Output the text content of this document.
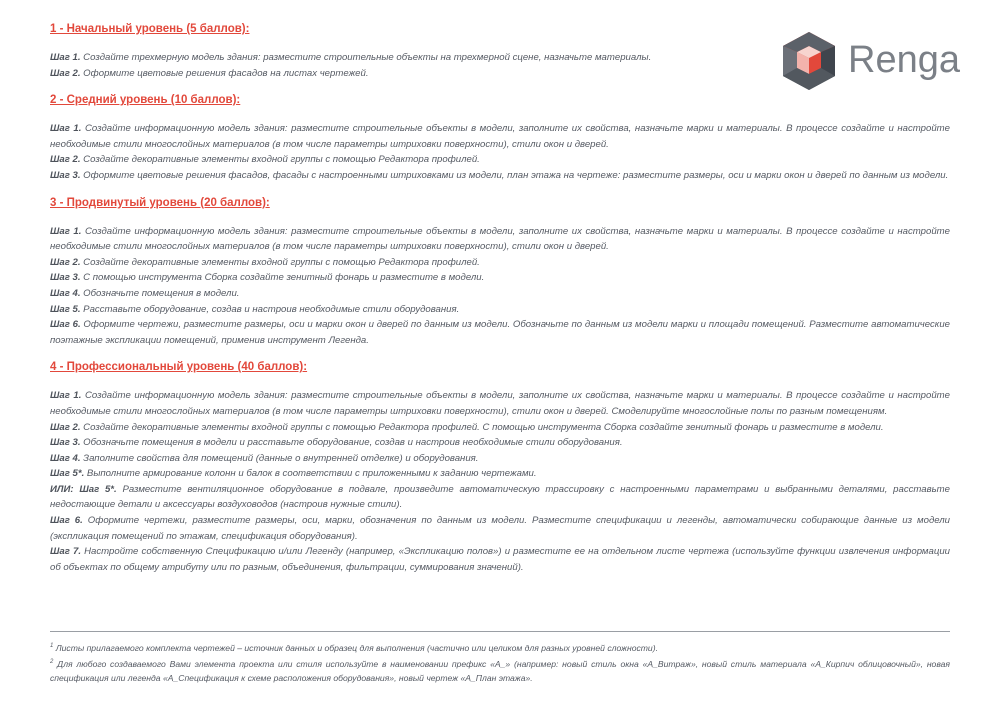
Renga
1 - Начальный уровень (5 баллов):

Шаг 1. Создайте трехмерную модель здания: разместите строительные объекты на трехмерной сцене, назначьте материалы.

Шаг 2. Оформите цветовые решения фасадов на листах чертежей.

2 - Средний уровень (10 баллов):

Шаг 1. Создайте информационную модель здания: разместите строительные объекты в модели, заполните их свойства, назначьте марки и материалы. В процессе создайте и настройте необходимые стили многослойных материалов (в том числе параметры штриховки поверхности), стили окон и дверей.

Шаг 2. Создайте декоративные элементы входной группы с помощью Редактора профилей.

Шаг 3. Оформите цветовые решения фасадов, фасады с настроенными штриховками из модели, план этажа на чертеже: разместите размеры, оси и марки окон и дверей по данным из модели.

3 - Продвинутый уровень (20 баллов):

Шаг 1. Создайте информационную модель здания: разместите строительные объекты в модели, заполните их свойства, назначьте марки и материалы. В процессе создайте и настройте необходимые стили многослойных материалов (в том числе параметры штриховки поверхности), стили окон и дверей.

Шаг 2. Создайте декоративные элементы входной группы с помощью Редактора профилей.

Шаг 3. С помощью инструмента Сборка создайте зенитный фонарь и разместите в модели.

Шаг 4. Обозначьте помещения в модели.

Шаг 5. Расставьте оборудование, создав и настроив необходимые стили оборудования.

Шаг 6. Оформите чертежи, разместите размеры, оси и марки окон и дверей по данным из модели. Обозначьте по данным из модели марки и площади помещений. Разместите автоматические поэтажные экспликации помещений, применив инструмент Легенда.

4 - Профессиональный уровень (40 баллов):

Шаг 1. Создайте информационную модель здания: разместите строительные объекты в модели, заполните их свойства, назначьте марки и материалы. В процессе создайте и настройте необходимые стили многослойных материалов (в том числе параметры штриховки поверхности), стили окон и дверей. Смоделируйте многослойные полы по разным помещениям.

Шаг 2. Создайте декоративные элементы входной группы с помощью Редактора профилей. С помощью инструмента Сборка создайте зенитный фонарь и разместите в модели.

Шаг 3. Обозначьте помещения в модели и расставьте оборудование, создав и настроив необходимые стили оборудования.

Шаг 4. Заполните свойства для помещений (данные о внутренней отделке) и оборудования.

Шаг 5*. Выполните армирование колонн и балок в соответствии с приложенными к заданию чертежами.

ИЛИ: Шаг 5*. Разместите вентиляционное оборудование в подвале, произведите автоматическую трассировку с настроенными параметрами и выбранными деталями, расставьте недостающие детали и аксессуары воздуховодов (настроив нужные стили).

Шаг 6. Оформите чертежи, разместите размеры, оси, марки, обозначения по данным из модели. Разместите спецификации и легенды, автоматически собирающие данные из модели (экспликация помещений по этажам, спецификация оборудования).

Шаг 7. Настройте собственную Спецификацию и/или Легенду (например, «Экспликацию полов») и разместите ее на отдельном листе чертежа (используйте функции извлечения информации об объектах по общему атрибуту или по разным, объединения, фильтрации, суммирования значений).

$^1$ Листы прилагаемого комплекта чертежей – источник данных и образец для выполнения (частично или целиком для разных уровней сложности).

$^2$ Для любого создаваемого Вами элемента проекта или стиля используйте в наименовании префикс «А_» (например: новый стиль окна «А_Витраж», новый стиль материала «А_Кирпич облицовочный», новая спецификация или легенда «А_Спецификация к схеме расположения оборудования», новый чертеж «А_План этажа».
